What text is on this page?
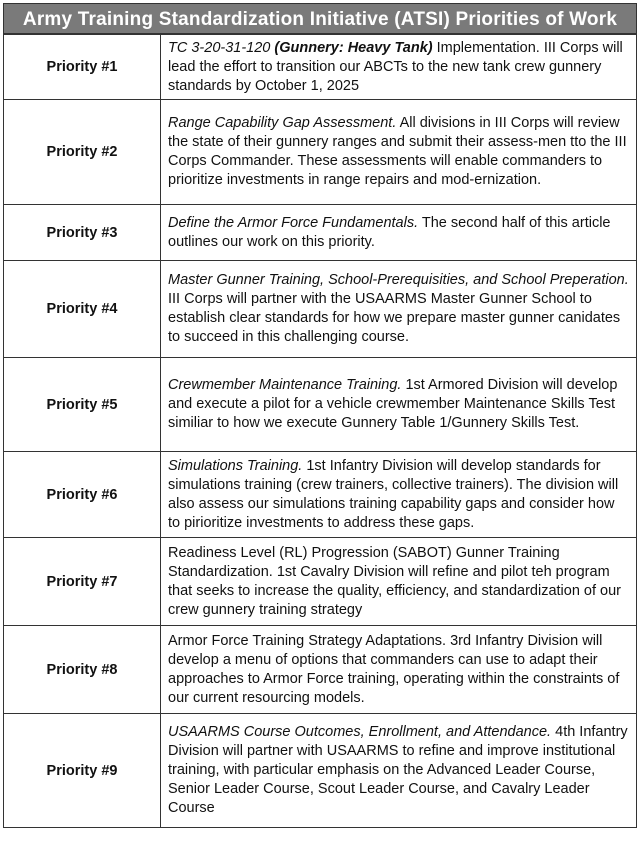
Army Training Standardization Initiative (ATSI) Priorities of Work
Priority #1	TC 3-20-31-120 (Gunnery: Heavy Tank) Implementation. III Corps will lead the effort to transition our ABCTs to the new tank crew gunnery standards by October 1, 2025
Priority #2	Range Capability Gap Assessment. All divisions in III Corps will review the state of their gunnery ranges and submit their assess-men tto the III Corps Commander. These assessments will enable commanders to prioritize investments in range repairs and mod-ernization.
Priority #3	Define the Armor Force Fundamentals. The second half of this article outlines our work on this priority.
Priority #4	Master Gunner Training, School-Prerequisities, and School Preperation. III Corps will partner with the USAARMS Master Gunner School to establish clear standards for how we prepare master gunner canidates to succeed in this challenging course.
Priority #5	Crewmember Maintenance Training. 1st Armored Division will develop and execute a pilot for a vehicle crewmember Maintenance Skills Test similiar to how we execute Gunnery Table 1/Gunnery Skills Test.
Priority #6	Simulations Training. 1st Infantry Division will develop standards for simulations training (crew trainers, collective trainers). The division will also assess our simulations training capability gaps and consider how to pirioritize investments to address these gaps.
Priority #7	Readiness Level (RL) Progression (SABOT) Gunner Training Standardization. 1st Cavalry Division will refine and pilot teh program that seeks to increase the quality, efficiency, and standardization of our crew gunnery training strategy
Priority #8	Armor Force Training Strategy Adaptations. 3rd Infantry Division will develop a menu of options that commanders can use to adapt their approaches to Armor Force training, operating within the constraints of our current resourcing models.
Priority #9	USAARMS Course Outcomes, Enrollment, and Attendance. 4th Infantry Division will partner with USAARMS to refine and improve institutional training, with particular emphasis on the Advanced Leader Course, Senior Leader Course, Scout Leader Course, and Cavalry Leader Course
